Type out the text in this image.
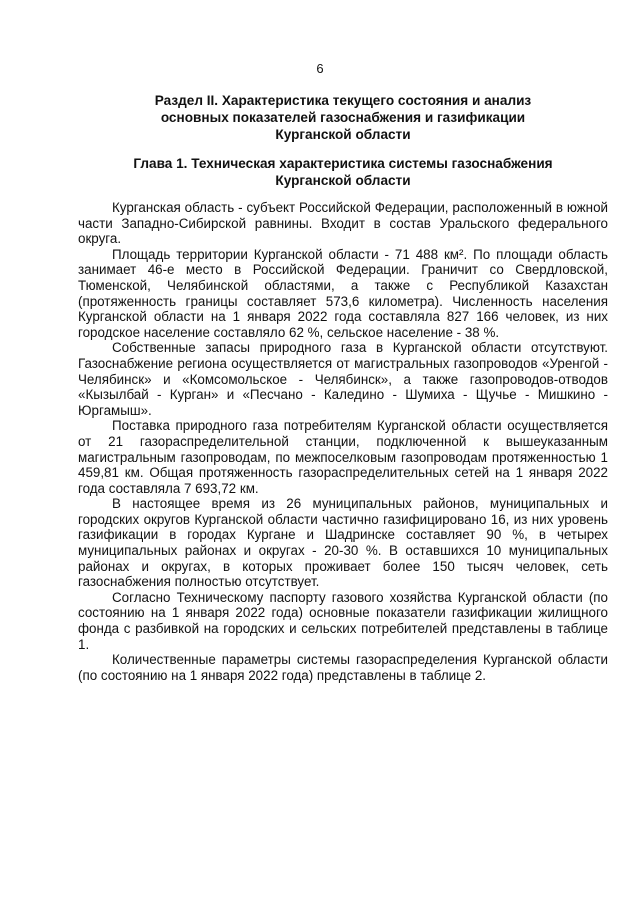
6
Раздел II. Характеристика текущего состояния и анализ
основных показателей газоснабжения и газификации
Курганской области
Глава 1. Техническая характеристика системы газоснабжения
Курганской области

Курганская область - субъект Российской Федерации, расположенный в южной части Западно-Сибирской равнины. Входит в состав Уральского федерального округа.

Площадь территории Курганской области - 71 488 км². По площади область занимает 46-е место в Российской Федерации. Граничит со Свердловской, Тюменской, Челябинской областями, а также с Республикой Казахстан (протяженность границы составляет 573,6 километра). Численность населения Курганской области на 1 января 2022 года составляла 827 166 человек, из них городское население составляло 62 %, сельское население - 38 %.

Собственные запасы природного газа в Курганской области отсутствуют. Газоснабжение региона осуществляется от магистральных газопроводов «Уренгой - Челябинск» и «Комсомольское - Челябинск», а также газопроводов-отводов «Кызылбай - Курган» и «Песчано - Каледино - Шумиха - Щучье - Мишкино - Юргамыш».

Поставка природного газа потребителям Курганской области осуществляется от 21 газораспределительной станции, подключенной к вышеуказанным магистральным газопроводам, по межпоселковым газопроводам протяженностью 1 459,81 км. Общая протяженность газораспределительных сетей на 1 января 2022 года составляла 7 693,72 км.

В настоящее время из 26 муниципальных районов, муниципальных и городских округов Курганской области частично газифицировано 16, из них уровень газификации в городах Кургане и Шадринске составляет 90 %, в четырех муниципальных районах и округах - 20-30 %. В оставшихся 10 муниципальных районах и округах, в которых проживает более 150 тысяч человек, сеть газоснабжения полностью отсутствует.

Согласно Техническому паспорту газового хозяйства Курганской области (по состоянию на 1 января 2022 года) основные показатели газификации жилищного фонда с разбивкой на городских и сельских потребителей представлены в таблице 1.

Количественные параметры системы газораспределения Курганской области (по состоянию на 1 января 2022 года) представлены в таблице 2.
